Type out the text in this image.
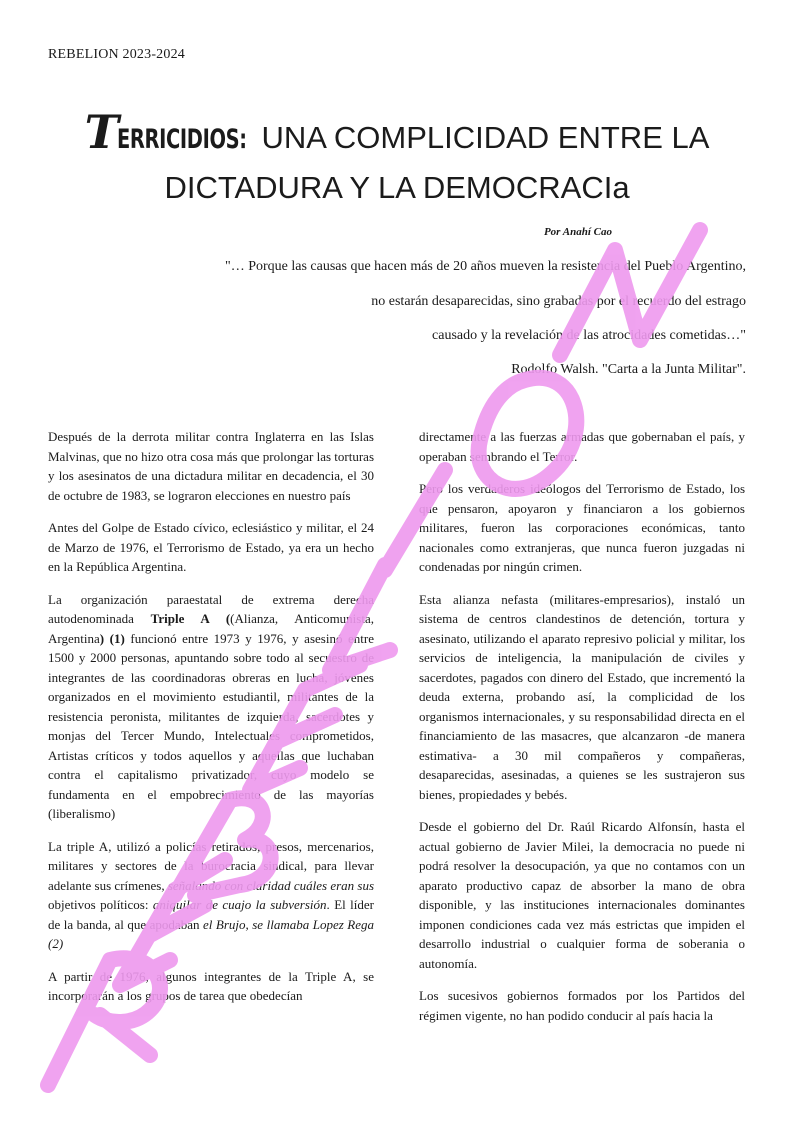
REBELION 2023-2024
TERRICIDIOS: UNA COMPLICIDAD ENTRE LA
DICTADURA Y LA DEMOCRACIa
Por Anahí Cao
"… Porque las causas que hacen más de 20 años mueven la resistencia del Pueblo Argentino,
no estarán desaparecidas, sino grabadas por el recuerdo del estrago
causado y la revelación de las atrocidades cometidas…"
Rodolfo Walsh. "Carta a la Junta Militar".

Después de la derrota militar contra Inglaterra en las Islas Malvinas, que no hizo otra cosa más que prolongar las torturas y los asesinatos de una dictadura militar en decadencia, el 30 de octubre de 1983, se lograron elecciones en nuestro país

Antes del Golpe de Estado cívico, eclesiástico y militar, el 24 de Marzo de 1976, el Terrorismo de Estado, ya era un hecho en la República Argentina.

La organización paraestatal de extrema derecha autodenominada Triple A ((Alianza, Anticomunista, Argentina) (1) funcionó entre 1973 y 1976, y asesinó entre 1500 y 2000 personas, apuntando sobre todo al secuestro de integrantes de las coordinadoras obreras en lucha, jóvenes organizados en el movimiento estudiantil, militantes de la resistencia peronista, militantes de izquierda, sacerdotes y monjas del Tercer Mundo, Intelectuales comprometidos, Artistas críticos y todos aquellos y aquellas que luchaban contra el capitalismo privatizador, cuyo modelo se fundamenta en el empobrecimiento de las mayorías (liberalismo)

La triple A, utilizó a policías retirados, presos, mercenarios, militares y sectores de la burocracia sindical, para llevar adelante sus crímenes, señalando con claridad cuáles eran sus objetivos políticos: aniquilar de cuajo la subversión. El líder de la banda, al que apodaban el Brujo, se llamaba Lopez Rega (2)

A partir de 1976, algunos integrantes de la Triple A, se incorporarán a los grupos de tarea que obedecían

directamente a las fuerzas armadas que gobernaban el país, y operaban sembrando el Terror.

Pero los verdaderos ideólogos del Terrorismo de Estado, los que pensaron, apoyaron y financiaron a los gobiernos militares, fueron las corporaciones económicas, tanto nacionales como extranjeras, que nunca fueron juzgadas ni condenadas por ningún crimen.

Esta alianza nefasta (militares-empresarios), instaló un sistema de centros clandestinos de detención, tortura y asesinato, utilizando el aparato represivo policial y militar, los servicios de inteligencia, la manipulación de civiles y sacerdotes, pagados con dinero del Estado, que incrementó la deuda externa, probando así, la complicidad de los organismos internacionales, y su responsabilidad directa en el financiamiento de las masacres, que alcanzaron -de manera estimativa- a 30 mil compañeros y compañeras, desaparecidas, asesinadas, a quienes se les sustrajeron sus bienes, propiedades y bebés.

Desde el gobierno del Dr. Raúl Ricardo Alfonsín, hasta el actual gobierno de Javier Milei, la democracia no puede ni podrá resolver la desocupación, ya que no contamos con un aparato productivo capaz de absorber la mano de obra disponible, y las instituciones internacionales dominantes imponen condiciones cada vez más estrictas que impiden el desarrollo industrial o cualquier forma de soberania o autonomía.

Los sucesivos gobiernos formados por los Partidos del régimen vigente, no han podido conducir al país hacia la
